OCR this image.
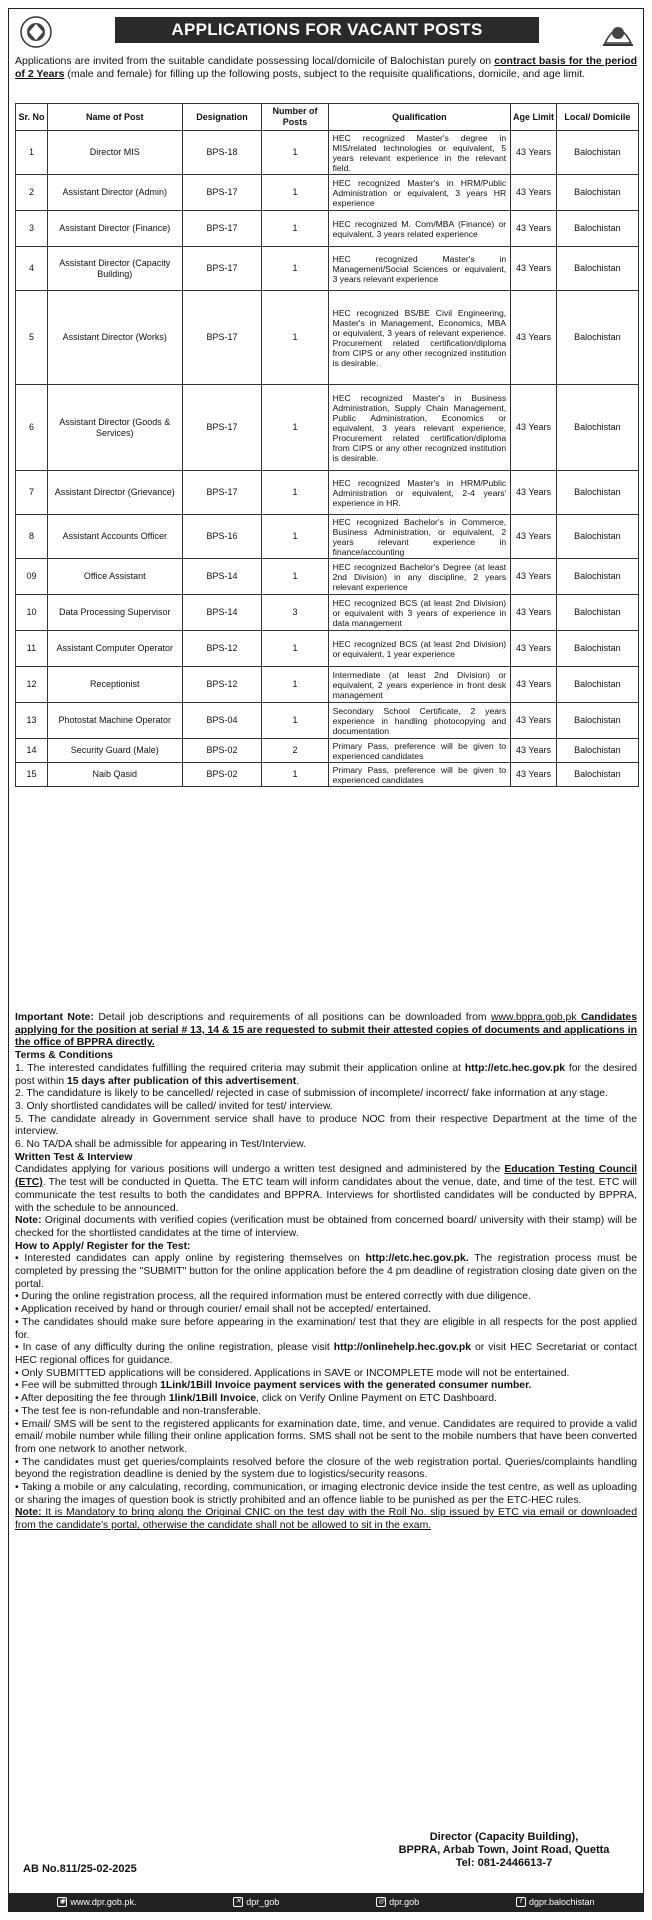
APPLICATIONS FOR VACANT POSTS
Applications are invited from the suitable candidate possessing local/domicile of Balochistan purely on contract basis for the period of 2 Years (male and female) for filling up the following posts, subject to the requisite qualifications, domicile, and age limit.
Sr. No	Name of Post	Designation	Number of Posts	Qualification	Age Limit	Local/ Domicile
1	Director MIS	BPS-18	1	HEC recognized Master's degree in MIS/related technologies or equivalent, 5 years relevant experience in the relevant field.	43 Years	Balochistan
2	Assistant Director (Admin)	BPS-17	1	HEC recognized Master's in HRM/Public Administration or equivalent, 3 years HR experience	43 Years	Balochistan
3	Assistant Director (Finance)	BPS-17	1	HEC recognized M. Com/MBA (Finance) or equivalent, 3 years related experience	43 Years	Balochistan
4	Assistant Director (Capacity Building)	BPS-17	1	HEC recognized Master's in Management/Social Sciences or equivalent, 3 years relevant experience	43 Years	Balochistan
5	Assistant Director (Works)	BPS-17	1	HEC recognized BS/BE Civil Engineering, Master's in Management, Economics, MBA or equivalent, 3 years of relevant experience. Procurement related certification/diploma from CIPS or any other recognized institution is desirable.	43 Years	Balochistan
6	Assistant Director (Goods & Services)	BPS-17	1	HEC recognized Master's in Business Administration, Supply Chain Management, Public Administration, Economics or equivalent, 3 years relevant experience, Procurement related certification/diploma from CIPS or any other recognized institution is desirable.	43 Years	Balochistan
7	Assistant Director (Grievance)	BPS-17	1	HEC recognized Master's in HRM/Public Administration or equivalent, 2-4 years' experience in HR.	43 Years	Balochistan
8	Assistant Accounts Officer	BPS-16	1	HEC recognized Bachelor's in Commerce, Business Administration, or equivalent, 2 years relevant experience in finance/accounting	43 Years	Balochistan
09	Office Assistant	BPS-14	1	HEC recognized Bachelor's Degree (at least 2nd Division) in any discipline, 2 years relevant experience	43 Years	Balochistan
10	Data Processing Supervisor	BPS-14	3	HEC recognized BCS (at least 2nd Division) or equivalent with 3 years of experience in data management	43 Years	Balochistan
11	Assistant Computer Operator	BPS-12	1	HEC recognized BCS (at least 2nd Division) or equivalent, 1 year experience	43 Years	Balochistan
12	Receptionist	BPS-12	1	Intermediate (at least 2nd Division) or equivalent, 2 years experience in front desk management	43 Years	Balochistan
13	Photostat Machine Operator	BPS-04	1	Secondary School Certificate, 2 years experience in handling photocopying and documentation	43 Years	Balochistan
14	Security Guard (Male)	BPS-02	2	Primary Pass, preference will be given to experienced candidates	43 Years	Balochistan
15	Naib Qasid	BPS-02	1	Primary Pass, preference will be given to experienced candidates	43 Years	Balochistan

Important Note: Detail job descriptions and requirements of all positions can be downloaded from www.bppra.gob.pk Candidates applying for the position at serial # 13, 14 & 15 are requested to submit their attested copies of documents and applications in the office of BPPRA directly.

Terms & Conditions

1. The interested candidates fulfilling the required criteria may submit their application online at http://etc.hec.gov.pk for the desired post within 15 days after publication of this advertisement.

2. The candidature is likely to be cancelled/ rejected in case of submission of incomplete/ incorrect/ fake information at any stage.

3. Only shortlisted candidates will be called/ invited for test/ interview.

5. The candidate already in Government service shall have to produce NOC from their respective Department at the time of the interview.

6. No TA/DA shall be admissible for appearing in Test/Interview.

Written Test & Interview

Candidates applying for various positions will undergo a written test designed and administered by the Education Testing Council (ETC). The test will be conducted in Quetta. The ETC team will inform candidates about the venue, date, and time of the test. ETC will communicate the test results to both the candidates and BPPRA. Interviews for shortlisted candidates will be conducted by BPPRA, with the schedule to be announced.

Note: Original documents with verified copies (verification must be obtained from concerned board/ university with their stamp) will be checked for the shortlisted candidates at the time of interview.

How to Apply/ Register for the Test:

• Interested candidates can apply online by registering themselves on http://etc.hec.gov.pk. The registration process must be completed by pressing the "SUBMIT" button for the online application before the 4 pm deadline of registration closing date given on the portal.

• During the online registration process, all the required information must be entered correctly with due diligence.

• Application received by hand or through courier/ email shall not be accepted/ entertained.

• The candidates should make sure before appearing in the examination/ test that they are eligible in all respects for the post applied for.

• In case of any difficulty during the online registration, please visit http://onlinehelp.hec.gov.pk or visit HEC Secretariat or contact HEC regional offices for guidance.

• Only SUBMITTED applications will be considered. Applications in SAVE or INCOMPLETE mode will not be entertained.

• Fee will be submitted through 1Link/1Bill Invoice payment services with the generated consumer number.

• After depositing the fee through 1link/1Bill Invoice, click on Verify Online Payment on ETC Dashboard.

• The test fee is non-refundable and non-transferable.

• Email/ SMS will be sent to the registered applicants for examination date, time, and venue. Candidates are required to provide a valid email/ mobile number while filling their online application forms. SMS shall not be sent to the mobile numbers that have been converted from one network to another network.

• The candidates must get queries/complaints resolved before the closure of the web registration portal. Queries/complaints handling beyond the registration deadline is denied by the system due to logistics/security reasons.

• Taking a mobile or any calculating, recording, communication, or imaging electronic device inside the test centre, as well as uploading or sharing the images of question book is strictly prohibited and an offence liable to be punished as per the ETC-HEC rules.

Note: It is Mandatory to bring along the Original CNIC on the test day with the Roll No. slip issued by ETC via email or downloaded from the candidate's portal, otherwise the candidate shall not be allowed to sit in the exam.

Director (Capacity Building),
BPPRA, Arbab Town, Joint Road, Quetta
Tel: 081-2446613-7
AB No.811/25-02-2025
◉ www.dpr.gob.pk.	✕ dpr_gob	◎ dpr.gob	f dgpr.balochistan
